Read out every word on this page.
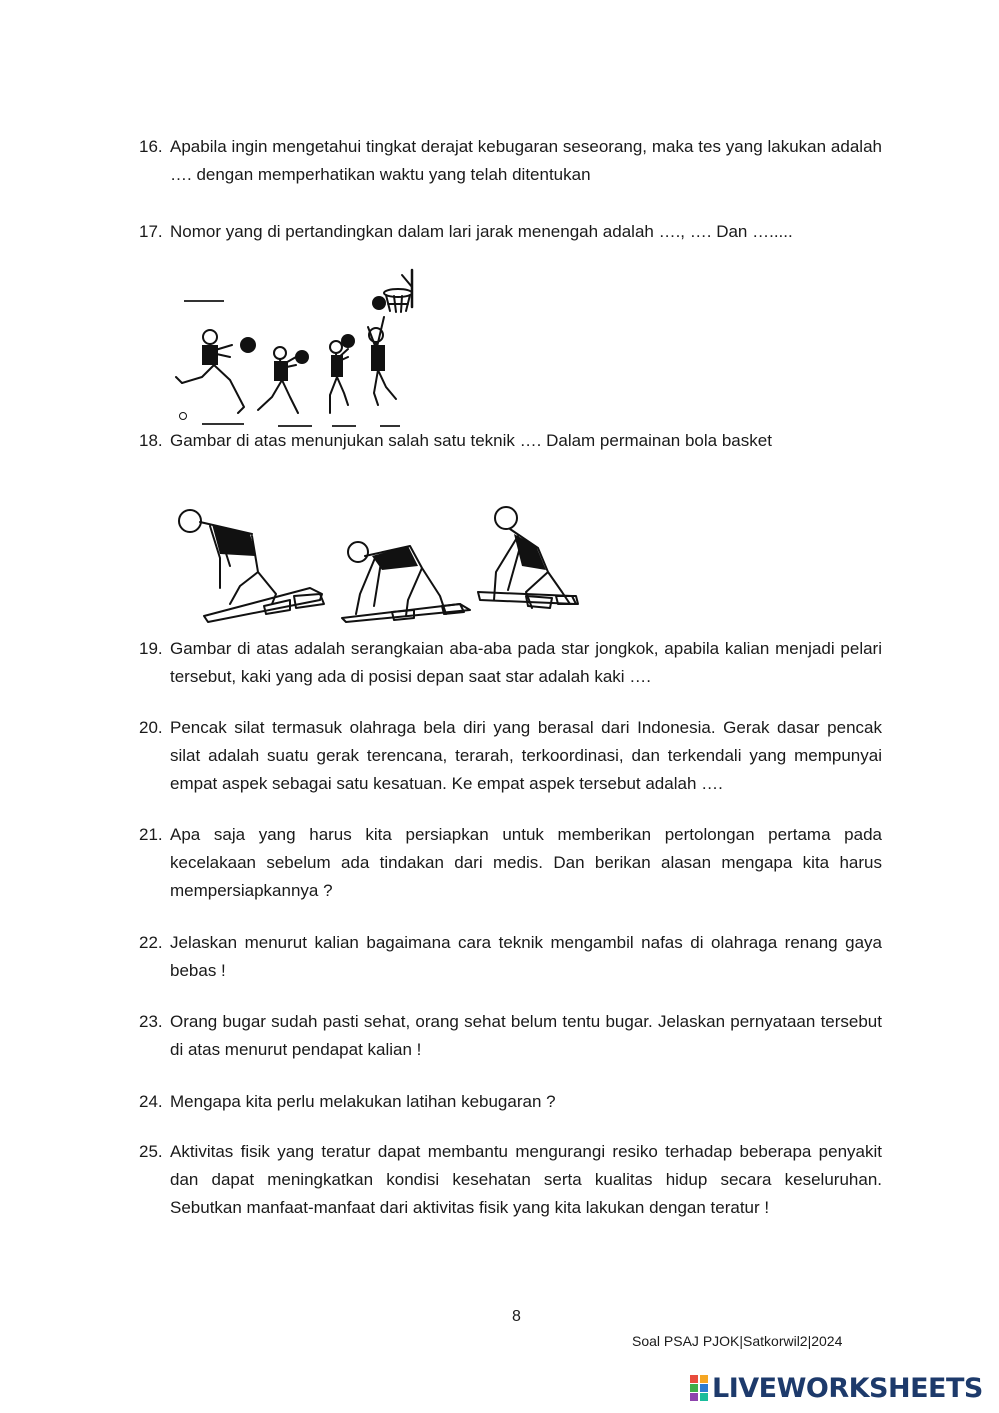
16. Apabila ingin mengetahui tingkat derajat kebugaran seseorang, maka tes yang lakukan adalah …. dengan memperhatikan waktu yang telah ditentukan
17. Nomor yang di pertandingkan dalam lari jarak menengah adalah …., …. Dan ….....
18. Gambar di atas menunjukan salah satu teknik …. Dalam permainan bola basket
19. Gambar di atas adalah serangkaian aba-aba pada star jongkok, apabila kalian menjadi pelari tersebut, kaki yang ada di posisi depan saat star adalah kaki ….
20. Pencak silat termasuk olahraga bela diri yang berasal dari Indonesia. Gerak dasar pencak silat adalah suatu gerak terencana, terarah, terkoordinasi, dan terkendali yang mempunyai empat aspek sebagai satu kesatuan. Ke empat aspek tersebut adalah ….
21. Apa saja yang harus kita persiapkan untuk memberikan pertolongan pertama pada kecelakaan sebelum ada tindakan dari medis. Dan berikan alasan mengapa kita harus mempersiapkannya ?
22. Jelaskan menurut kalian bagaimana cara teknik mengambil nafas di olahraga renang gaya bebas !
23. Orang bugar sudah pasti sehat, orang sehat belum tentu bugar. Jelaskan pernyataan tersebut di atas menurut pendapat kalian !
24. Mengapa kita perlu melakukan latihan kebugaran ?
25. Aktivitas fisik yang teratur dapat membantu mengurangi resiko terhadap beberapa penyakit dan dapat meningkatkan kondisi kesehatan serta kualitas hidup secara keseluruhan. Sebutkan manfaat-manfaat dari aktivitas fisik yang kita lakukan dengan teratur !
8
Soal PSAJ PJOK|Satkorwil2|2024
LIVEWORKSHEETS
